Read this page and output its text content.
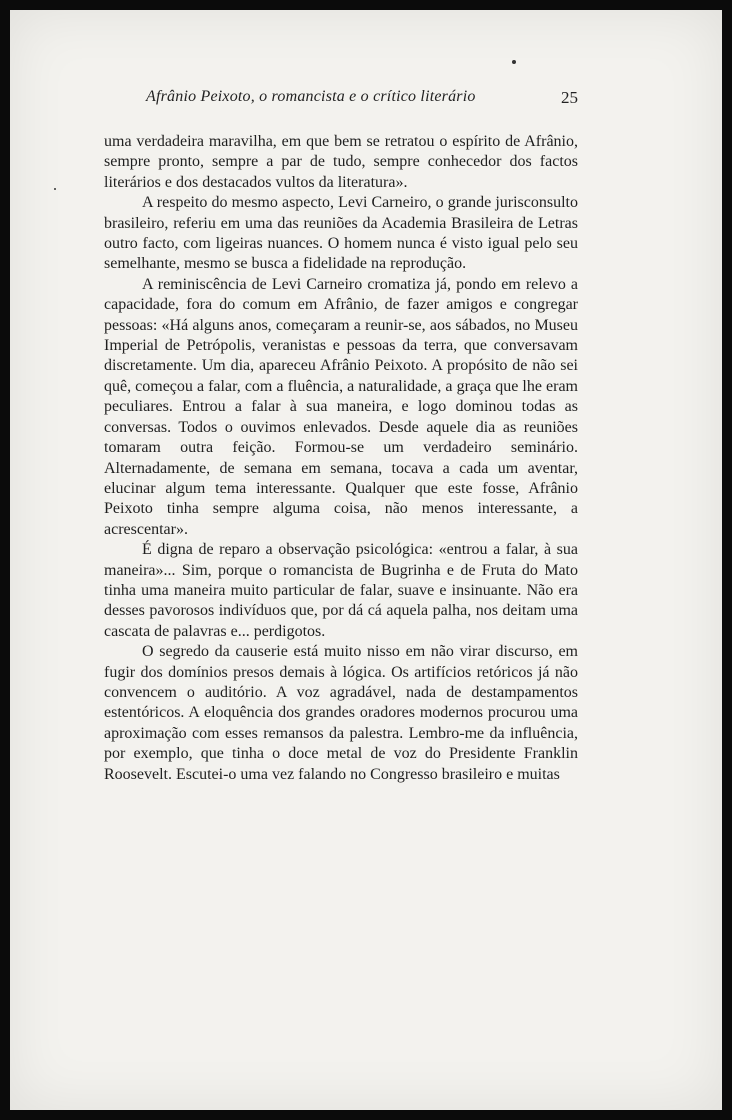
Afrânio Peixoto, o romancista e o crítico literário	25

uma verdadeira maravilha, em que bem se retratou o espírito de Afrânio, sempre pronto, sempre a par de tudo, sempre conhecedor dos factos literários e dos destacados vultos da literatura».

A respeito do mesmo aspecto, Levi Carneiro, o grande jurisconsulto brasileiro, referiu em uma das reuniões da Academia Brasileira de Letras outro facto, com ligeiras nuances. O homem nunca é visto igual pelo seu semelhante, mesmo se busca a fidelidade na reprodução.

A reminiscência de Levi Carneiro cromatiza já, pondo em relevo a capacidade, fora do comum em Afrânio, de fazer amigos e congregar pessoas: «Há alguns anos, começaram a reunir-se, aos sábados, no Museu Imperial de Petrópolis, veranistas e pessoas da terra, que conversavam discretamente. Um dia, apareceu Afrânio Peixoto. A propósito de não sei quê, começou a falar, com a fluência, a naturalidade, a graça que lhe eram peculiares. Entrou a falar à sua maneira, e logo dominou todas as conversas. Todos o ouvimos enlevados. Desde aquele dia as reuniões tomaram outra feição. Formou-se um verdadeiro seminário. Alternadamente, de semana em semana, tocava a cada um aventar, elucinar algum tema interessante. Qualquer que este fosse, Afrânio Peixoto tinha sempre alguma coisa, não menos interessante, a acrescentar».

É digna de reparo a observação psicológica: «entrou a falar, à sua maneira»... Sim, porque o romancista de Bugrinha e de Fruta do Mato tinha uma maneira muito particular de falar, suave e insinuante. Não era desses pavorosos indivíduos que, por dá cá aquela palha, nos deitam uma cascata de palavras e... perdigotos.

O segredo da causerie está muito nisso em não virar discurso, em fugir dos domínios presos demais à lógica. Os artifícios retóricos já não convencem o auditório. A voz agradável, nada de destampamentos estentóricos. A eloquência dos grandes oradores modernos procurou uma aproximação com esses remansos da palestra. Lembro-me da influência, por exemplo, que tinha o doce metal de voz do Presidente Franklin Roosevelt. Escutei-o uma vez falando no Congresso brasileiro e muitas
